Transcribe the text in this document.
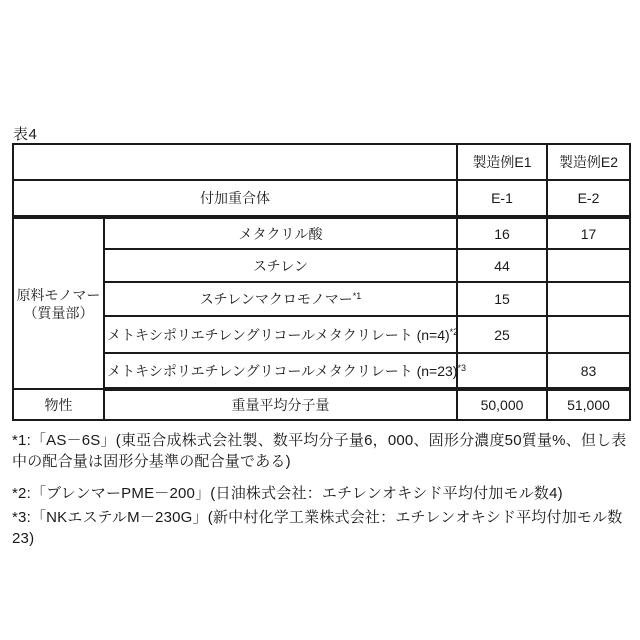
表4
		製造例E1	製造例E2
付加重合体		E-1	E-2

原料モノマー
（質量部）	メタクリル酸	16	17
	スチレン	44	
	スチレンマクロモノマー$^{*1}$	15	
	メトキシポリエチレングリコールメタクリレート (n=4)$^{*2}$	25	
	メトキシポリエチレングリコールメタクリレート (n=23)$^{*3}$		83
物性	重量平均分子量	50,000	51,000

*1:「AS－6S」(東亞合成株式会社製、数平均分子量6，000、固形分濃度50質量%、但し表中の配合量は固形分基準の配合量である)

*2:「ブレンマーPME－200」(日油株式会社：エチレンオキシド平均付加モル数4)

*3:「NKエステルM－230G」(新中村化学工業株式会社：エチレンオキシド平均付加モル数23)
